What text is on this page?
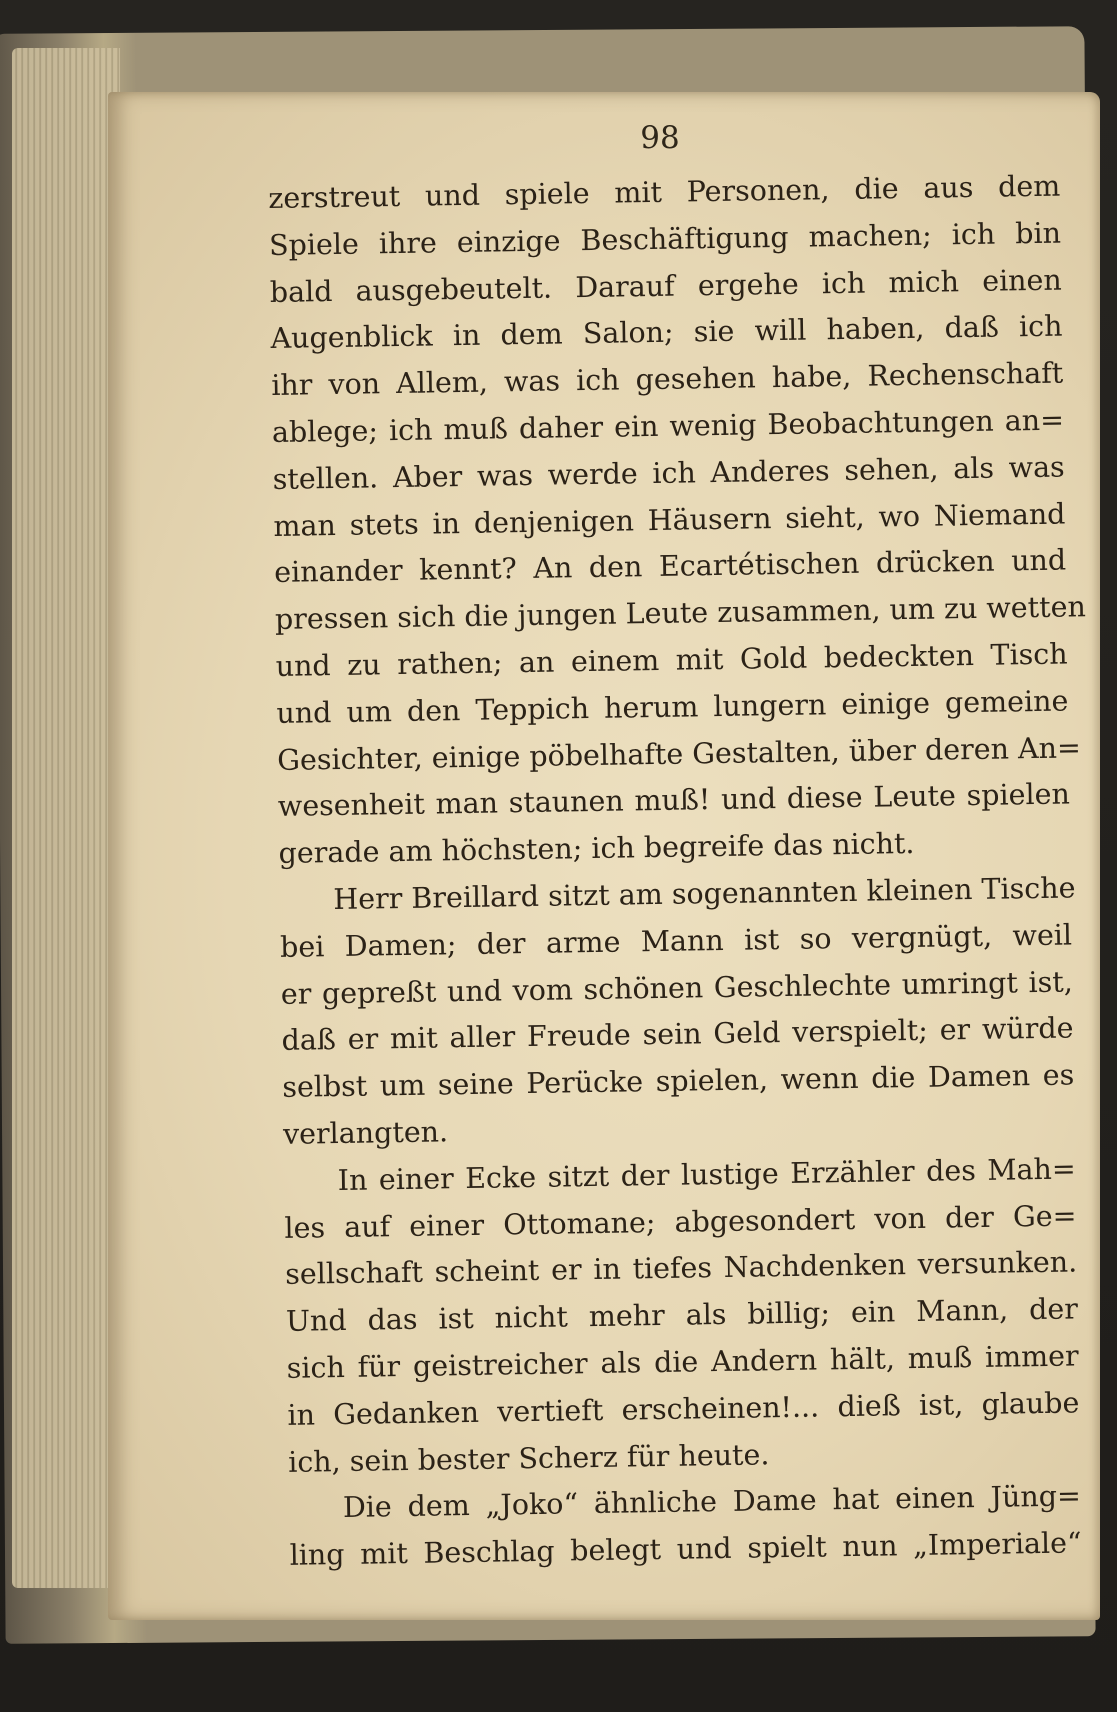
98
zerstreut und spiele mit Personen, die aus dem
Spiele ihre einzige Beschäftigung machen; ich bin
bald ausgebeutelt. Darauf ergehe ich mich einen
Augenblick in dem Salon; sie will haben, daß ich
ihr von Allem, was ich gesehen habe, Rechenschaft
ablege; ich muß daher ein wenig Beobachtungen an=
stellen. Aber was werde ich Anderes sehen, als was
man stets in denjenigen Häusern sieht, wo Niemand
einander kennt? An den Ecartétischen drücken und
pressen sich die jungen Leute zusammen, um zu wetten
und zu rathen; an einem mit Gold bedeckten Tisch
und um den Teppich herum lungern einige gemeine
Gesichter, einige pöbelhafte Gestalten, über deren An=
wesenheit man staunen muß! und diese Leute spielen
gerade am höchsten; ich begreife das nicht.
Herr Breillard sitzt am sogenannten kleinen Tische
bei Damen; der arme Mann ist so vergnügt, weil
er gepreßt und vom schönen Geschlechte umringt ist,
daß er mit aller Freude sein Geld verspielt; er würde
selbst um seine Perücke spielen, wenn die Damen es
verlangten.
In einer Ecke sitzt der lustige Erzähler des Mah=
les auf einer Ottomane; abgesondert von der Ge=
sellschaft scheint er in tiefes Nachdenken versunken.
Und das ist nicht mehr als billig; ein Mann, der
sich für geistreicher als die Andern hält, muß immer
in Gedanken vertieft erscheinen!... dieß ist, glaube
ich, sein bester Scherz für heute.
Die dem „Joko“ ähnliche Dame hat einen Jüng=
ling mit Beschlag belegt und spielt nun „Imperiale“
